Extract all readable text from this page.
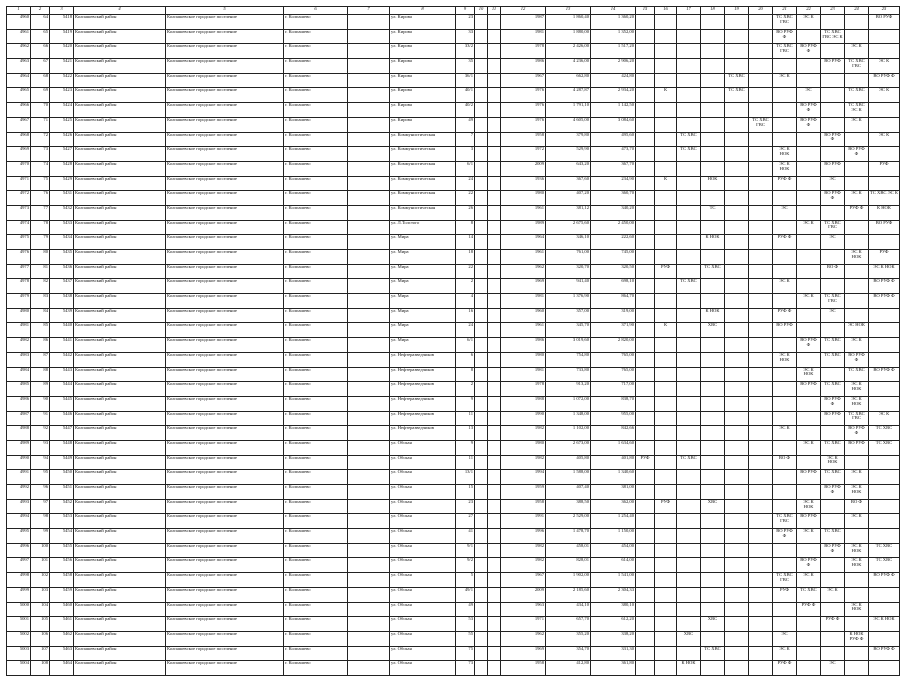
1	2	3	4	5	6	7	8	9	10	11	12	13	14	15	16	17	18	19	20	21	22	23	24	25
4960	64	5418	Колпашевский район	Колпашевское городское поселение	г. Колпашево		ул. Кирова	23			1987	1 860,40	1 360,20							ТС ХВС ГВС	ЭС К			ВО РУФ
4961	65	5419	Колпашевский район	Колпашевское городское поселение	г. Колпашево		ул. Кирова	33			1981	1 880,00	1 352,00							ВО РУФ Ф		ТС ХВС ГВС ЭС К		
4962	66	5420	Колпашевский район	Колпашевское городское поселение	г. Колпашево		ул. Кирова	33/2			1978	2 426,00	1 517,20							ТС ХВС ГВС	ВО РУФ Ф		ЭС К	
4963	67	5421	Колпашевский район	Колпашевское городское поселение	г. Колпашево		ул. Кирова	35			1986	4 236,00	2 906,20									ВО РУФ	ТС ХВС ГВС	ЭС К
4964	68	5422	Колпашевский район	Колпашевское городское поселение	г. Колпашево		ул. Кирова	36/1			1967	662,80	424,80					ТС ХВС		ЭС К				ВО РУФ Ф
4965	69	5423	Колпашевский район	Колпашевское городское поселение	г. Колпашево		ул. Кирова	40/1			1976	4 287,87	2 934,20		К			ТС ХВС			ЭС		ТС ХВС	ЭС К
4966	70	5424	Колпашевский район	Колпашевское городское поселение	г. Колпашево		ул. Кирова	40/2			1976	1 791,10	1 142,50								ВО РУФ Ф		ТС ХВС ЭС К	
4967	71	5425	Колпашевский район	Колпашевское городское поселение	г. Колпашево		ул. Кирова	49			1976	4 605,00	3 084,60						ТС ХВС ГВС		ВО РУФ Ф		ЭС К	
4968	72	5426	Колпашевский район	Колпашевское городское поселение	г. Колпашево		ул. Коммунистическая	7			1958	379,80	495,60			ТС ХВС						ВО РУФ Ф		ЭС К
4969	73	5427	Колпашевский район	Колпашевское городское поселение	г. Колпашево		ул. Коммунистическая	3			1972	529,90	473,70			ТС ХВС				ЭС К НОК			ВО РУФ Ф	
4970	74	5428	Колпашевский район	Колпашевское городское поселение	г. Колпашево		ул. Коммунистическая	6/1			2009	643,20	367,70							ЭС К НОК		ВО РУФ		РУФ
4971	75	5429	Колпашевский район	Колпашевское городское поселение	г. Колпашево		ул. Коммунистическая	24			1936	367,60	234,90		К		НОК			РУФ Ф		ЭС		
4972	76	5431	Колпашевский район	Колпашевское городское поселение	г. Колпашево		ул. Коммунистическая	22			1980	407,20	360,70									ВО РУФ Ф	ЭС К	ТС ХВС ЭС К
4973	77	5432	Колпашевский район	Колпашевское городское поселение	г. Колпашево		ул. Коммунистическая	26			1961	381,12	340,20				ТС			ЭС			РУФ Ф	К НОК
4974	78	5433	Колпашевский район	Колпашевское городское поселение	г. Колпашево		ул. Л.Толстого	8			1989	2 675,60	2 450,00								ЭС К	ТС ХВС ГВС		ВО РУФ
4975	79	5434	Колпашевский район	Колпашевское городское поселение	г. Колпашево		ул. Мира	14			1964	346,10	222,60				К НОК			РУФ Ф		ЭС		
4976	80	5435	Колпашевский район	Колпашевское городское поселение	г. Колпашево		ул. Мира	18			1961	761,00	745,00										ЭС К НОК	РУФ
4977	81	5436	Колпашевский район	Колпашевское городское поселение	г. Колпашево		ул. Мира	22			1962	320,70	320,50		РУФ		ТС ХВС					ВО Ф		ЭС К НОК
4978	82	5437	Колпашевский район	Колпашевское городское поселение	г. Колпашево		ул. Мира	2			1969	941,40	698,10			ТС ХВС				ЭС К				ВО РУФ Ф
4979	83	5438	Колпашевский район	Колпашевское городское поселение	г. Колпашево		ул. Мира	4			1981	1 376,90	864,70								ЭС К	ТС ХВС ГВС		ВО РУФ Ф
4980	84	5439	Колпашевский район	Колпашевское городское поселение	г. Колпашево		ул. Мира	16			1960	357,00	319,00				К НОК			РУФ Ф		ЭС		
4981	85	5440	Колпашевский район	Колпашевское городское поселение	г. Колпашево		ул. Мира	24			1961	345,70	371,90		К		ХВС			ВО РУФ			ЭС НОК	
4982	86	5441	Колпашевский район	Колпашевское городское поселение	г. Колпашево		ул. Мира	6/1			1986	3 019,60	2 820,00								ВО РУФ Ф	ТС ХВС	ЭС К	
4983	87	5442	Колпашевский район	Колпашевское городское поселение	г. Колпашево		ул. Нефтеразведчиков	6			1980	754,80	765,00							ЭС К НОК		ТС ХВС	ВО РУФ Ф	
4984	88	5443	Колпашевский район	Колпашевское городское поселение	г. Колпашево		ул. Нефтеразведчиков	8			1981	733,80	765,00								ЭС К НОК		ТС ХВС	ВО РУФ Ф
4985	89	5444	Колпашевский район	Колпашевское городское поселение	г. Колпашево		ул. Нефтеразведчиков	2			1978	913,20	717,00								ВО РУФ	ТС ХВС	ЭС К НОК	
4986	90	5445	Колпашевский район	Колпашевское городское поселение	г. Колпашево		ул. Нефтеразведчиков	9			1988	1 072,00	838,70									ВО РУФ Ф	ЭС К НОК	
4987	91	5446	Колпашевский район	Колпашевское городское поселение	г. Колпашево		ул. Нефтеразведчиков	11			1990	1 348,00	955,00									ВО РУФ	ТС ХВС ГВС	ЭС К
4988	92	5447	Колпашевский район	Колпашевское городское поселение	г. Колпашево		ул. Нефтеразведчиков	13			1982	1 102,00	842,66							ЭС К			ВО РУФ Ф	ТС ХВС
4989	93	5448	Колпашевский район	Колпашевское городское поселение	г. Колпашево		ул. Обская	9			1980	2 673,00	1 634,60								ЭС К	ТС ХВС	ВО РУФ	ТС ХВС
4990	94	5449	Колпашевский район	Колпашевское городское поселение	г. Колпашево		ул. Обская	11			1982	405,80	401,80	РУФ		ТС ХВС				ВО Ф		ЭС К НОК		
4991	95	5450	Колпашевский район	Колпашевское городское поселение	г. Колпашево		ул. Обская	13/1			1994	1 588,00	1 340,60								ВО РУФ	ТС ХВС	ЭС К	
4992	96	5451	Колпашевский район	Колпашевское городское поселение	г. Колпашево		ул. Обская	15			1959	407,40	381,00									ВО РУФ Ф	ЭС К НОК	
4993	97	5452	Колпашевский район	Колпашевское городское поселение	г. Колпашево		ул. Обская	23			1958	388,50	362,00		РУФ		ХВС				ЭС К НОК		ВО Ф	
4994	98	5453	Колпашевский район	Колпашевское городское поселение	г. Колпашево		ул. Обская	27			1991	2 529,00	1 254,40							ТС ХВС ГВС	ВО РУФ		ЭС К	
4995	99	5454	Колпашевский район	Колпашевское городское поселение	г. Колпашево		ул. Обская	41			1996	1 478,70	1 150,00							ВО РУФ Ф	ЭС К	ТС ХВС		
4996	100	5455	Колпашевский район	Колпашевское городское поселение	г. Колпашево		ул. Обская	9/1			1982	458,01	454,00									ВО РУФ Ф	ЭС К НОК	ТС ХВС
4997	101	5456	Колпашевский район	Колпашевское городское поселение	г. Колпашево		ул. Обская	9/2			1982	828,01	614,00								ВО РУФ Ф		ЭС К НОК	ТС ХВС
4998	102	5458	Колпашевский район	Колпашевское городское поселение	г. Колпашево		ул. Обская	5			1967	1 902,00	1 541,00							ТС ХВС ГВС	ЭС К			ВО РУФ Ф
4999	103	5459	Колпашевский район	Колпашевское городское поселение	г. Колпашево		ул. Обская	49/1			2009	2 185,60	2 304,33							РУФ	ТС ХВС	ЭС К		
5000	104	5460	Колпашевский район	Колпашевское городское поселение	г. Колпашево		ул. Обская	49			1963	434,10	380,10								РУФ Ф		ЭС К НОК	
5001	105	5461	Колпашевский район	Колпашевское городское поселение	г. Колпашево		ул. Обская	53			1971	657,70	612,20				ХВС					РУФ Ф		ЭС К НОК
5002	106	5462	Колпашевский район	Колпашевское городское поселение	г. Колпашево		ул. Обская	55			1962	355,20	338,20			ХВС				ЭС			К НОК РУФ Ф	
5003	107	5463	Колпашевский район	Колпашевское городское поселение	г. Колпашево		ул. Обская	75			1969	354,70	331,30				ТС ХВС			ЭС К				ВО РУФ Ф
5004	108	5464	Колпашевский район	Колпашевское городское поселение	г. Колпашево		ул. Обская	73			1958	412,80	361,80			К НОК				РУФ Ф		ЭС		
